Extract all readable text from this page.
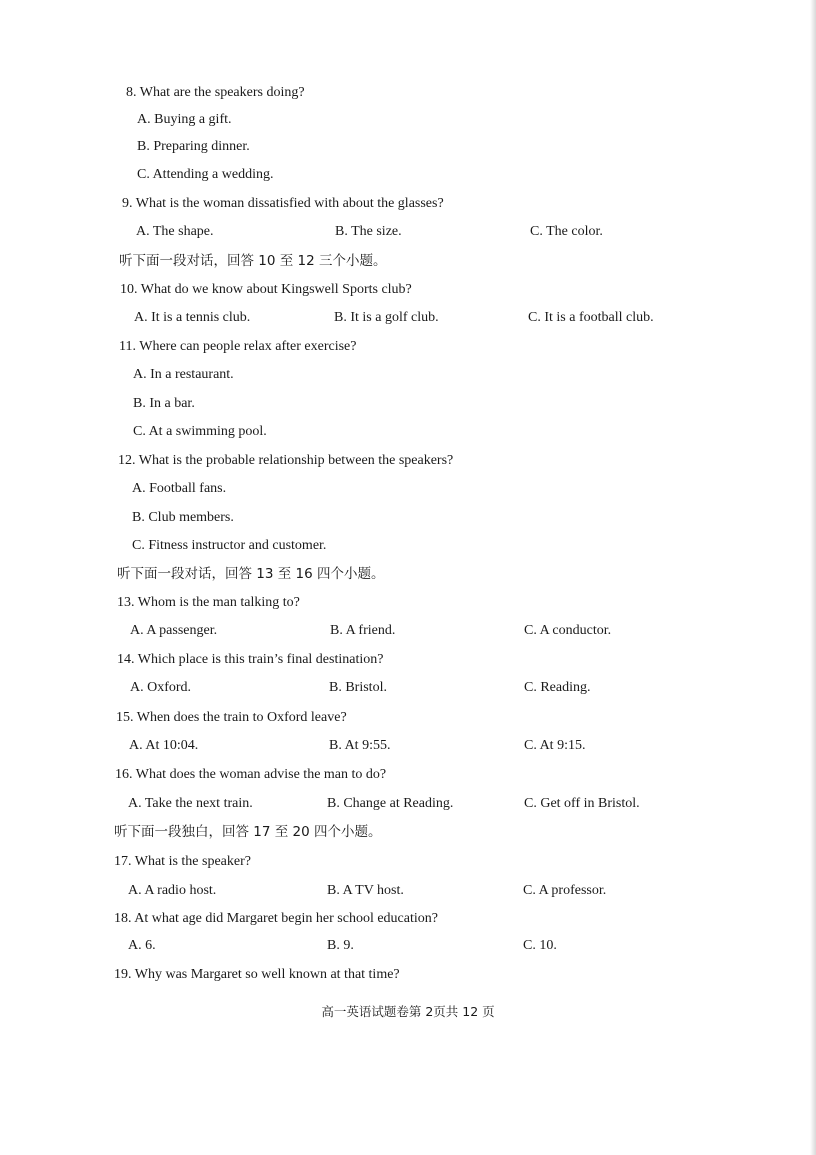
8. What are the speakers doing?
A. Buying a gift.
B. Preparing dinner.
C. Attending a wedding.
9. What is the woman dissatisfied with about the glasses?
A. The shape.	B. The size.	C. The color.
听下面一段对话，回答 10 至 12 三个小题。
10. What do we know about Kingswell Sports club?
A. It is a tennis club.	B. It is a golf club.	C. It is a football club.
11. Where can people relax after exercise?
A. In a restaurant.
B. In a bar.
C. At a swimming pool.
12. What is the probable relationship between the speakers?
A. Football fans.
B. Club members.
C. Fitness instructor and customer.
听下面一段对话，回答 13 至 16 四个小题。
13. Whom is the man talking to?
A. A passenger.	B. A friend.	C. A conductor.
14. Which place is this train’s final destination?
A. Oxford.	B. Bristol.	C. Reading.
15. When does the train to Oxford leave?
A. At 10:04.	B. At 9:55.	C. At 9:15.
16. What does the woman advise the man to do?
A. Take the next train.	B. Change at Reading.	C. Get off in Bristol.
听下面一段独白，回答 17 至 20 四个小题。
17. What is the speaker?
A. A radio host.	B. A TV host.	C. A professor.
18. At what age did Margaret begin her school education?
A. 6.	B. 9.	C. 10.
19. Why was Margaret so well known at that time?
高一英语试题卷第 2页共 12 页
